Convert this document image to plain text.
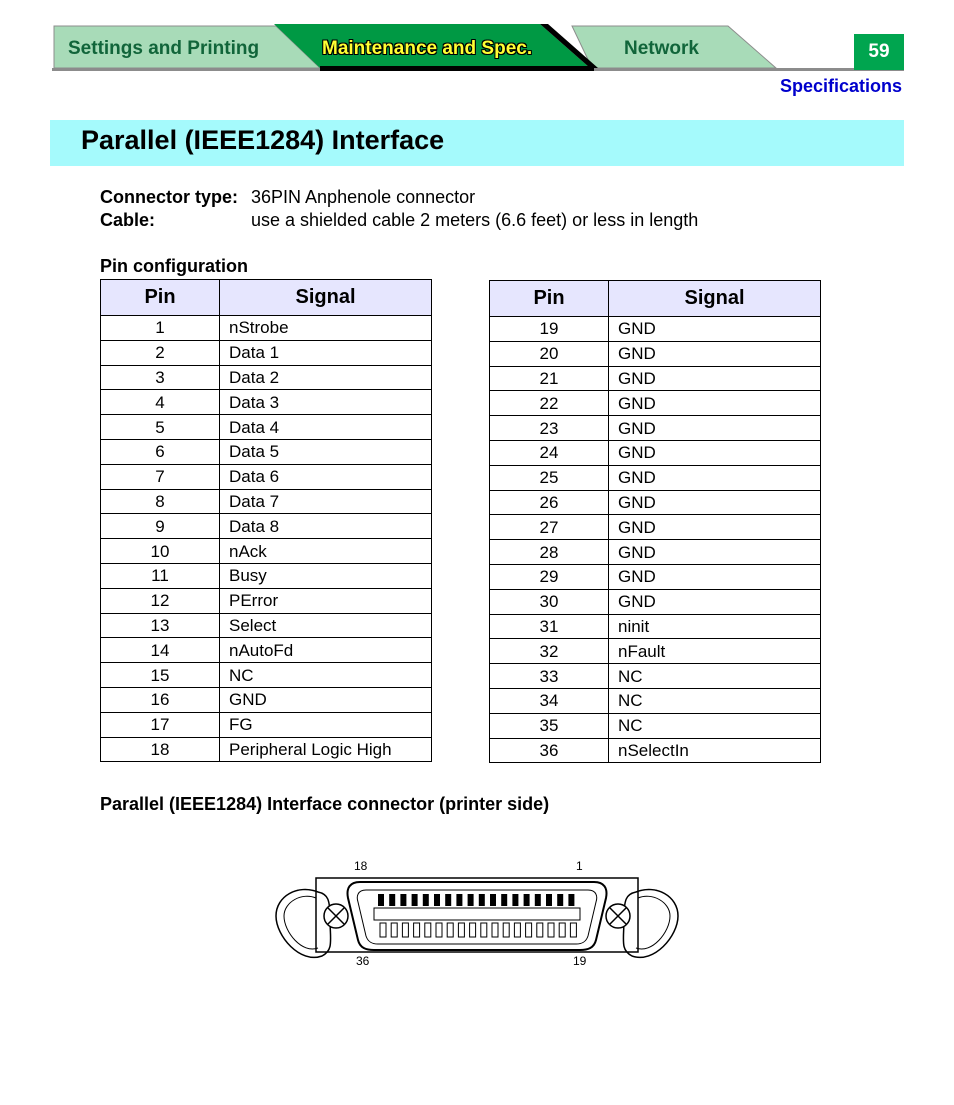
Settings and Printing	Maintenance and Spec.	Network	59
Specifications
Parallel (IEEE1284) Interface
Connector type: 36PIN Anphenole connector
Cable:	use a shielded cable 2 meters (6.6 feet) or less in length
Pin configuration
Pin	Signal
1	nStrobe
2	Data 1
3	Data 2
4	Data 3
5	Data 4
6	Data 5
7	Data 6
8	Data 7
9	Data 8
10	nAck
11	Busy
12	PError
13	Select
14	nAutoFd
15	NC
16	GND
17	FG
18	Peripheral Logic High
Pin	Signal
19	GND
20	GND
21	GND
22	GND
23	GND
24	GND
25	GND
26	GND
27	GND
28	GND
29	GND
30	GND
31	ninit
32	nFault
33	NC
34	NC
35	NC
36	nSelectIn
Parallel (IEEE1284) Interface connector (printer side)
18	1
36	19
